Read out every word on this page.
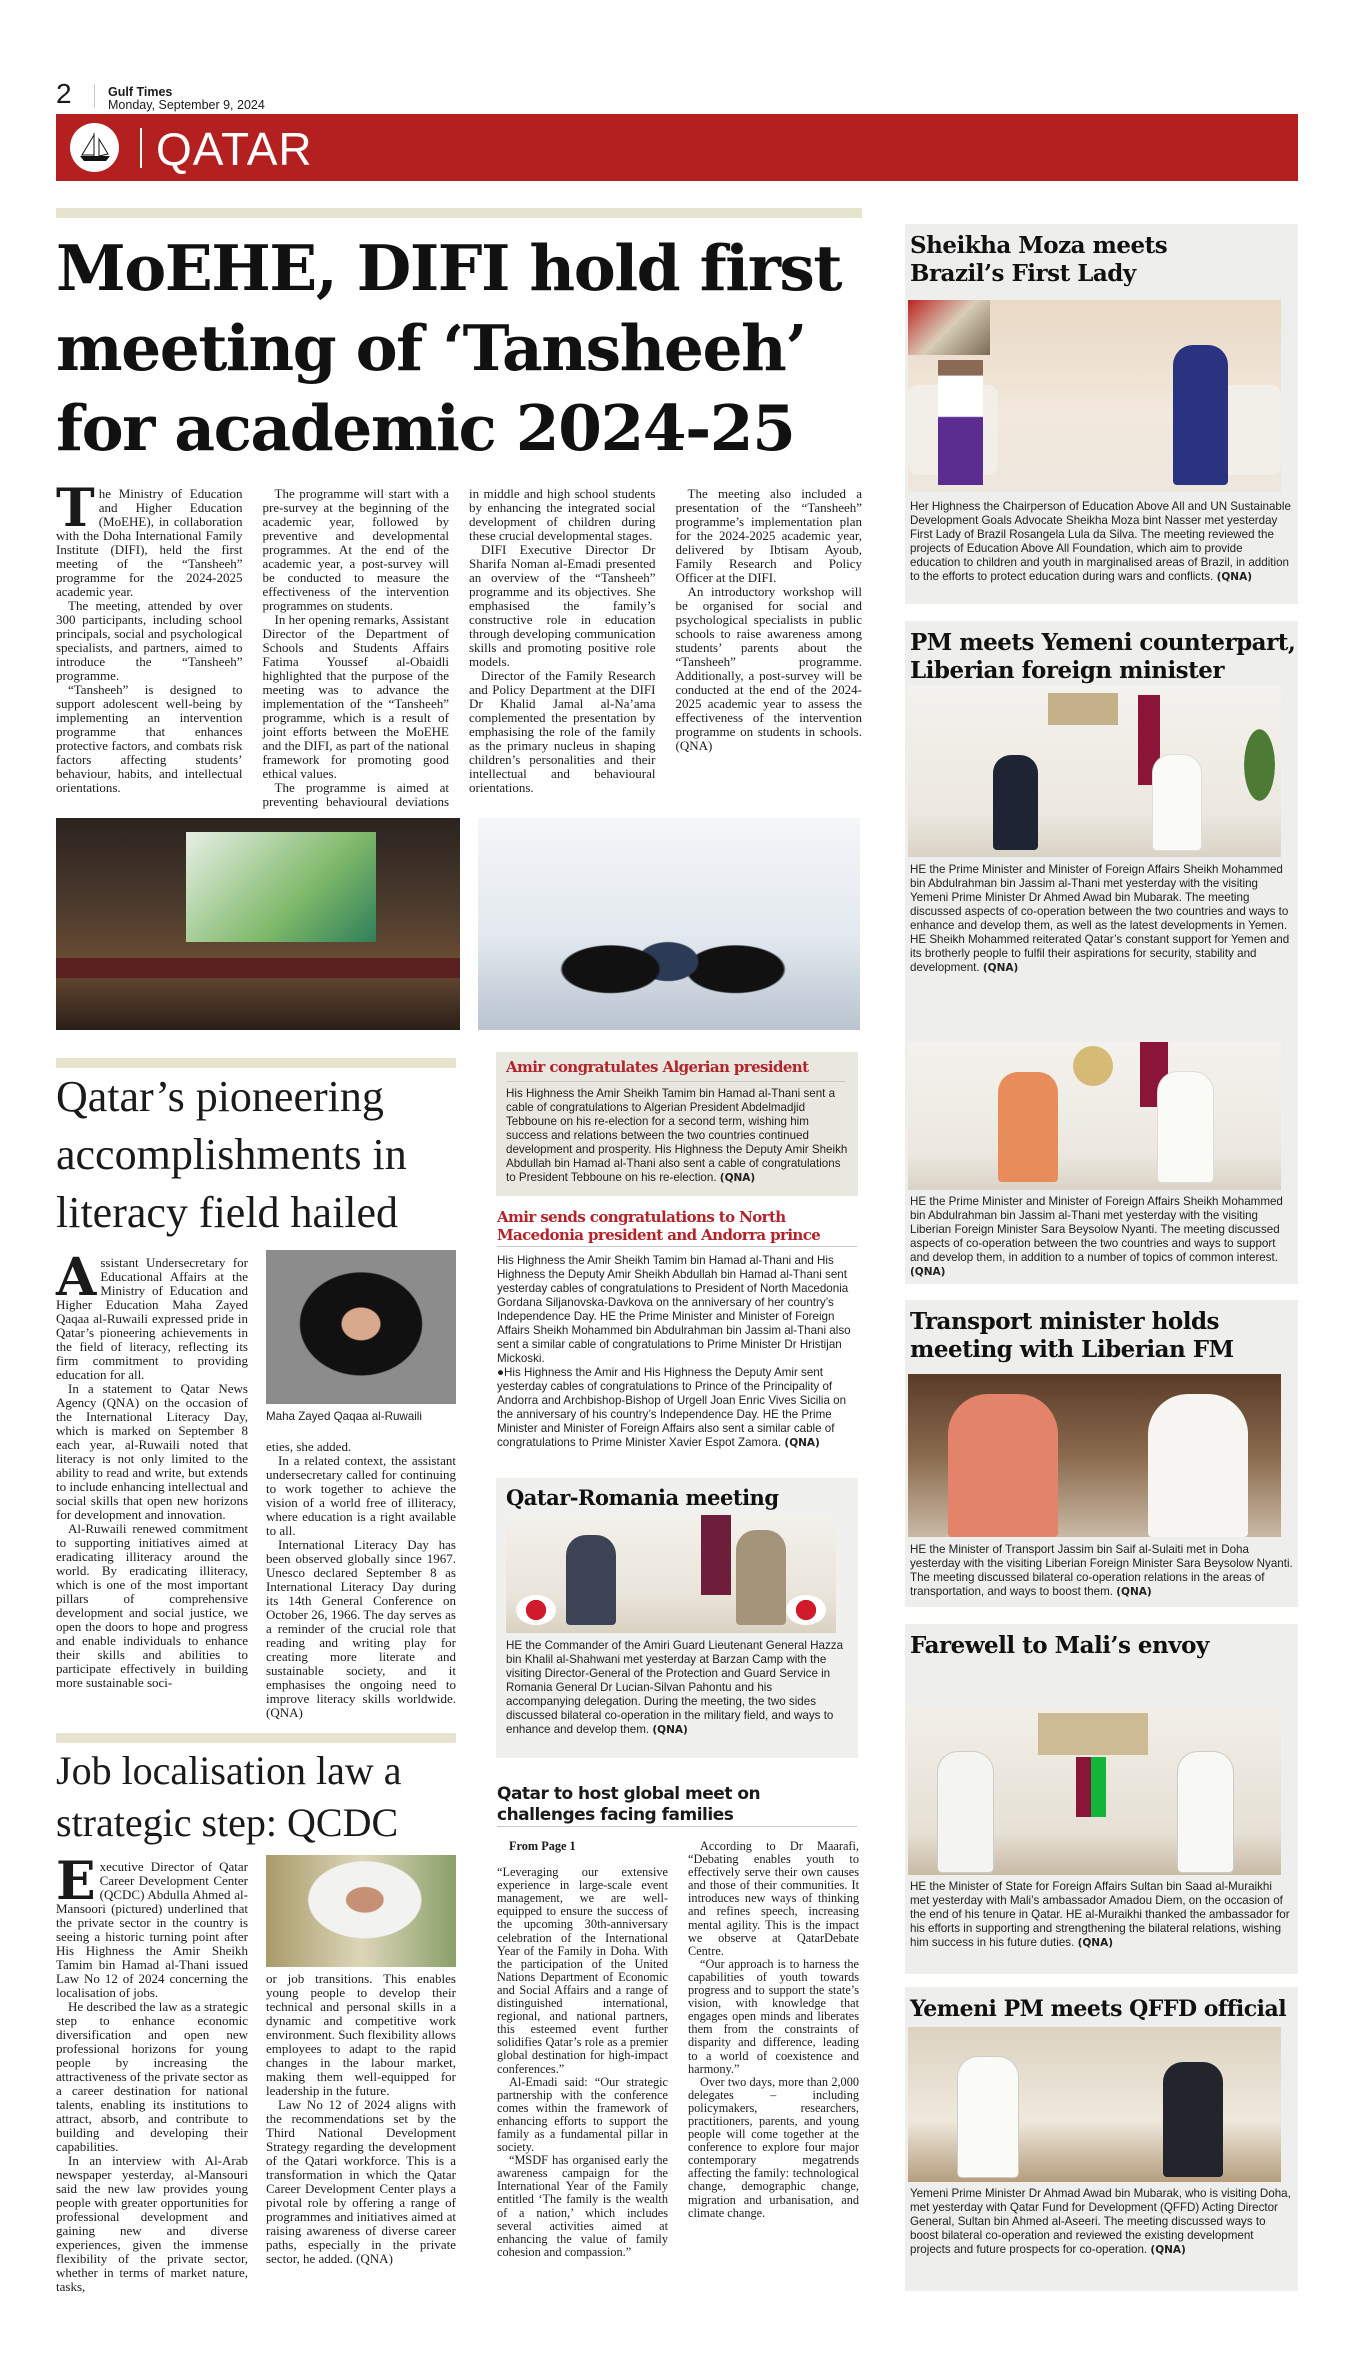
2	Gulf Times
Monday, September 9, 2024
QATAR
MoEHE, DIFI hold first meeting of ‘Tansheeh’ for academic 2024-25
T he Ministry of Education and Higher Education (MoEHE), in collaboration with the Doha International Family Institute (DIFI), held the first meeting of the “Tansheeh” programme for the 2024-2025 academic year.

The meeting, attended by over 300 participants, including school principals, social and psychological specialists, and partners, aimed to introduce the “Tansheeh” programme.

“Tansheeh” is designed to support adolescent well-being by implementing an intervention programme that enhances protective factors, and combats risk factors affecting students’ behaviour, habits, and intellectual orientations.

The programme will start with a pre-survey at the beginning of the academic year, followed by preventive and developmental programmes. At the end of the academic year, a post-survey will be conducted to measure the effectiveness of the intervention programmes on students.

In her opening remarks, Assistant Director of the Department of Schools and Students Affairs Fatima Youssef al-Obaidli highlighted that the purpose of the meeting was to advance the implementation of the “Tansheeh” programme, which is a result of joint efforts between the MoEHE and the DIFI, as part of the national framework for promoting good ethical values.

The programme is aimed at preventing behavioural deviations in middle and high school students by enhancing the integrated social development of children during these crucial developmental stages.

DIFI Executive Director Dr Sharifa Noman al-Emadi presented an overview of the “Tansheeh” programme and its objectives. She emphasised the family’s constructive role in education through developing communication skills and promoting positive role models.

Director of the Family Research and Policy Department at the DIFI Dr Khalid Jamal al-Na’ama complemented the presentation by emphasising the role of the family as the primary nucleus in shaping children’s personalities and their intellectual and behavioural orientations.

The meeting also included a presentation of the “Tansheeh” programme’s implementation plan for the 2024-2025 academic year, delivered by Ibtisam Ayoub, Family Research and Policy Officer at the DIFI.

An introductory workshop will be organised for social and psychological specialists in public schools to raise awareness among students’ parents about the “Tansheeh” programme. Additionally, a post-survey will be conducted at the end of the 2024-2025 academic year to assess the effectiveness of the intervention programme on students in schools. (QNA)

Qatar’s pioneering accomplishments in literacy field hailed
A ssistant Undersecretary for Educational Affairs at the Ministry of Education and Higher Education Maha Zayed Qaqaa al-Ruwaili expressed pride in Qatar’s pioneering achievements in the field of literacy, reflecting its firm commitment to providing education for all.

In a statement to Qatar News Agency (QNA) on the occasion of the International Literacy Day, which is marked on September 8 each year, al-Ruwaili noted that literacy is not only limited to the ability to read and write, but extends to include enhancing intellectual and social skills that open new horizons for development and innovation.

Al-Ruwaili renewed commitment to supporting initiatives aimed at eradicating illiteracy around the world. By eradicating illiteracy, which is one of the most important pillars of comprehensive development and social justice, we open the doors to hope and progress and enable individuals to enhance their skills and abilities to participate effectively in building more sustainable soci-

Maha Zayed Qaqaa al-Ruwaili

eties, she added.

In a related context, the assistant undersecretary called for continuing to work together to achieve the vision of a world free of illiteracy, where education is a right available to all.

International Literacy Day has been observed globally since 1967. Unesco declared September 8 as International Literacy Day during its 14th General Conference on October 26, 1966. The day serves as a reminder of the crucial role that reading and writing play for creating more literate and sustainable society, and it emphasises the ongoing need to improve literacy skills worldwide. (QNA)

Job localisation law a strategic step: QCDC
E xecutive Director of Qatar Career Development Center (QCDC) Abdulla Ahmed al-Mansoori (pictured) underlined that the private sector in the country is seeing a historic turning point after His Highness the Amir Sheikh Tamim bin Hamad al-Thani issued Law No 12 of 2024 concerning the localisation of jobs.

He described the law as a strategic step to enhance economic diversification and open new professional horizons for young people by increasing the attractiveness of the private sector as a career destination for national talents, enabling its institutions to attract, absorb, and contribute to building and developing their capabilities.

In an interview with Al-Arab newspaper yesterday, al-Mansouri said the new law provides young people with greater opportunities for professional development and gaining new and diverse experiences, given the immense flexibility of the private sector, whether in terms of market nature, tasks,

or job transitions. This enables young people to develop their technical and personal skills in a dynamic and competitive work environment. Such flexibility allows employees to adapt to the rapid changes in the labour market, making them well-equipped for leadership in the future.

Law No 12 of 2024 aligns with the recommendations set by the Third National Development Strategy regarding the development of the Qatari workforce. This is a transformation in which the Qatar Career Development Center plays a pivotal role by offering a range of programmes and initiatives aimed at raising awareness of diverse career paths, especially in the private sector, he added. (QNA)

Amir congratulates Algerian president
His Highness the Amir Sheikh Tamim bin Hamad al-Thani sent a cable of congratulations to Algerian President Abdelmadjid Tebboune on his re-election for a second term, wishing him success and relations between the two countries continued development and prosperity. His Highness the Deputy Amir Sheikh Abdullah bin Hamad al-Thani also sent a cable of congratulations to President Tebboune on his re-election. (QNA)
Amir sends congratulations to North Macedonia president and Andorra prince
His Highness the Amir Sheikh Tamim bin Hamad al-Thani and His Highness the Deputy Amir Sheikh Abdullah bin Hamad al-Thani sent yesterday cables of congratulations to President of North Macedonia Gordana Siljanovska-Davkova on the anniversary of her country’s Independence Day. HE the Prime Minister and Minister of Foreign Affairs Sheikh Mohammed bin Abdulrahman bin Jassim al-Thani also sent a similar cable of congratulations to Prime Minister Dr Hristijan Mickoski.
●His Highness the Amir and His Highness the Deputy Amir sent yesterday cables of congratulations to Prince of the Principality of Andorra and Archbishop-Bishop of Urgell Joan Enric Vives Sicilia on the anniversary of his country’s Independence Day. HE the Prime Minister and Minister of Foreign Affairs also sent a similar cable of congratulations to Prime Minister Xavier Espot Zamora. (QNA)
Qatar-Romania meeting
HE the Commander of the Amiri Guard Lieutenant General Hazza bin Khalil al-Shahwani met yesterday at Barzan Camp with the visiting Director-General of the Protection and Guard Service in Romania General Dr Lucian-Silvan Pahontu and his accompanying delegation. During the meeting, the two sides discussed bilateral co-operation in the military field, and ways to enhance and develop them. (QNA)
Qatar to host global meet on challenges facing families
From Page 1

“Leveraging our extensive experience in large-scale event management, we are well-equipped to ensure the success of the upcoming 30th-anniversary celebration of the International Year of the Family in Doha. With the participation of the United Nations Department of Economic and Social Affairs and a range of distinguished international, regional, and national partners, this esteemed event further solidifies Qatar’s role as a premier global destination for high-impact conferences.”

Al-Emadi said: “Our strategic partnership with the conference comes within the framework of enhancing efforts to support the family as a fundamental pillar in society.

“MSDF has organised early the awareness campaign for the International Year of the Family entitled ‘The family is the wealth of a nation,’ which includes several activities aimed at enhancing the value of family cohesion and compassion.”

According to Dr Maarafi, “Debating enables youth to effectively serve their own causes and those of their communities. It introduces new ways of thinking and refines speech, increasing mental agility. This is the impact we observe at QatarDebate Centre.

“Our approach is to harness the capabilities of youth towards progress and to support the state’s vision, with knowledge that engages open minds and liberates them from the constraints of disparity and difference, leading to a world of coexistence and harmony.”

Over two days, more than 2,000 delegates – including policymakers, researchers, practitioners, parents, and young people will come together at the conference to explore four major contemporary megatrends affecting the family: technological change, demographic change, migration and urbanisation, and climate change.

Sheikha Moza meets Brazil’s First Lady
Her Highness the Chairperson of Education Above All and UN Sustainable Development Goals Advocate Sheikha Moza bint Nasser met yesterday First Lady of Brazil Rosangela Lula da Silva. The meeting reviewed the projects of Education Above All Foundation, which aim to provide education to children and youth in marginalised areas of Brazil, in addition to the efforts to protect education during wars and conflicts. (QNA)
PM meets Yemeni counterpart, Liberian foreign minister
HE the Prime Minister and Minister of Foreign Affairs Sheikh Mohammed bin Abdulrahman bin Jassim al-Thani met yesterday with the visiting Yemeni Prime Minister Dr Ahmed Awad bin Mubarak. The meeting discussed aspects of co-operation between the two countries and ways to enhance and develop them, as well as the latest developments in Yemen. HE Sheikh Mohammed reiterated Qatar’s constant support for Yemen and its brotherly people to fulfil their aspirations for security, stability and development. (QNA)
HE the Prime Minister and Minister of Foreign Affairs Sheikh Mohammed bin Abdulrahman bin Jassim al-Thani met yesterday with the visiting Liberian Foreign Minister Sara Beysolow Nyanti. The meeting discussed aspects of co-operation between the two countries and ways to support and develop them, in addition to a number of topics of common interest. (QNA)
Transport minister holds meeting with Liberian FM
HE the Minister of Transport Jassim bin Saif al-Sulaiti met in Doha yesterday with the visiting Liberian Foreign Minister Sara Beysolow Nyanti. The meeting discussed bilateral co-operation relations in the areas of transportation, and ways to boost them. (QNA)
Farewell to Mali’s envoy
HE the Minister of State for Foreign Affairs Sultan bin Saad al-Muraikhi met yesterday with Mali’s ambassador Amadou Diem, on the occasion of the end of his tenure in Qatar. HE al-Muraikhi thanked the ambassador for his efforts in supporting and strengthening the bilateral relations, wishing him success in his future duties. (QNA)
Yemeni PM meets QFFD official
Yemeni Prime Minister Dr Ahmad Awad bin Mubarak, who is visiting Doha, met yesterday with Qatar Fund for Development (QFFD) Acting Director General, Sultan bin Ahmed al-Aseeri. The meeting discussed ways to boost bilateral co-operation and reviewed the existing development projects and future prospects for co-operation. (QNA)
